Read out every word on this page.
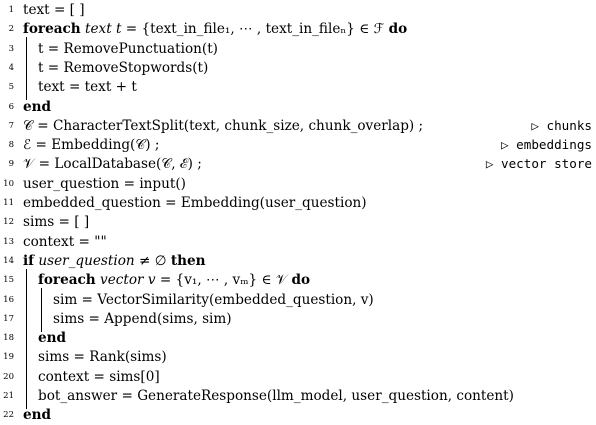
1 text = [ ]
2 foreach text t = {text_in_file₁, ⋯ , text_in_fileₙ} ∈ ℱ do
3 t = RemovePunctuation(t)
4 t = RemoveStopwords(t)
5 text = text + t
6 end
7 𝒞 = CharacterTextSplit(text, chunk_size, chunk_overlap) ;	▷ chunks
8 ℰ = Embedding(𝒞) ;	▷ embeddings
9 𝒱 = LocalDatabase(𝒞, ℰ) ;	▷ vector store
10 user_question = input()
11 embedded_question = Embedding(user_question)
12 sims = [ ]
13 context = ""
14 if user_question ≠ ∅ then
15 foreach vector v = {v₁, ⋯ , vₘ} ∈ 𝒱 do
16	sim = VectorSimilarity(embedded_question, v)
17	sims = Append(sims, sim)
18 end
19 sims = Rank(sims)
20 context = sims[0]
21 bot_answer = GenerateResponse(llm_model, user_question, content)
22 end
